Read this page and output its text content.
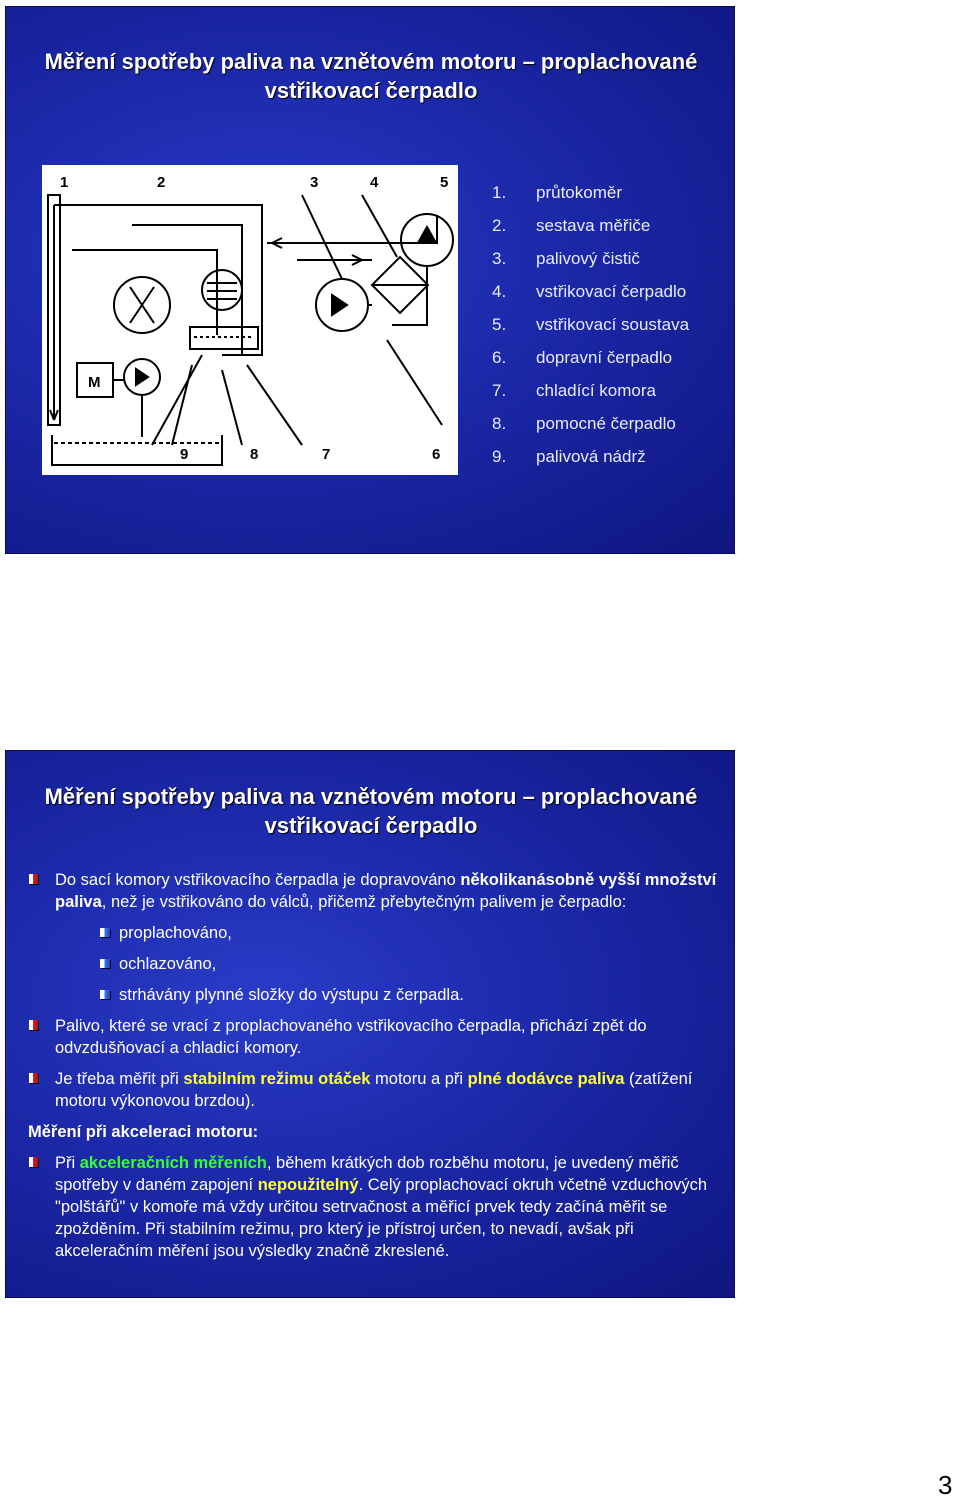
Měření spotřeby paliva na vznětovém motoru – proplachované
vstřikovací čerpadlo
1	2	3	4	5
6
7
8
9
M
1. průtokoměr
2. sestava měřiče
3. palivový čistič
4. vstřikovací čerpadlo
5. vstřikovací soustava
6. dopravní čerpadlo
7. chladící komora
8. pomocné čerpadlo
9. palivová nádrž
Měření spotřeby paliva na vznětovém motoru – proplachované
vstřikovací čerpadlo
Do sací komory vstřikovacího čerpadla je dopravováno několikanásobně vyšší množství paliva, než je vstřikováno do válců, přičemž přebytečným palivem je čerpadlo:
proplachováno,
ochlazováno,
strhávány plynné složky do výstupu z čerpadla.
Palivo, které se vrací z proplachovaného vstřikovacího čerpadla, přichází zpět do odvzdušňovací a chladicí komory.
Je třeba měřit při stabilním režimu otáček motoru a při plné dodávce paliva (zatížení motoru výkonovou brzdou).
Měření při akceleraci motoru:
Při akceleračních měřeních, během krátkých dob rozběhu motoru, je uvedený měřič spotřeby v daném zapojení nepoužitelný. Celý proplachovací okruh včetně vzduchových "polštářů" v komoře má vždy určitou setrvačnost a měřicí prvek tedy začíná měřit se zpožděním. Při stabilním režimu, pro který je přístroj určen, to nevadí, avšak při akceleračním měření jsou výsledky značně zkreslené.
3
